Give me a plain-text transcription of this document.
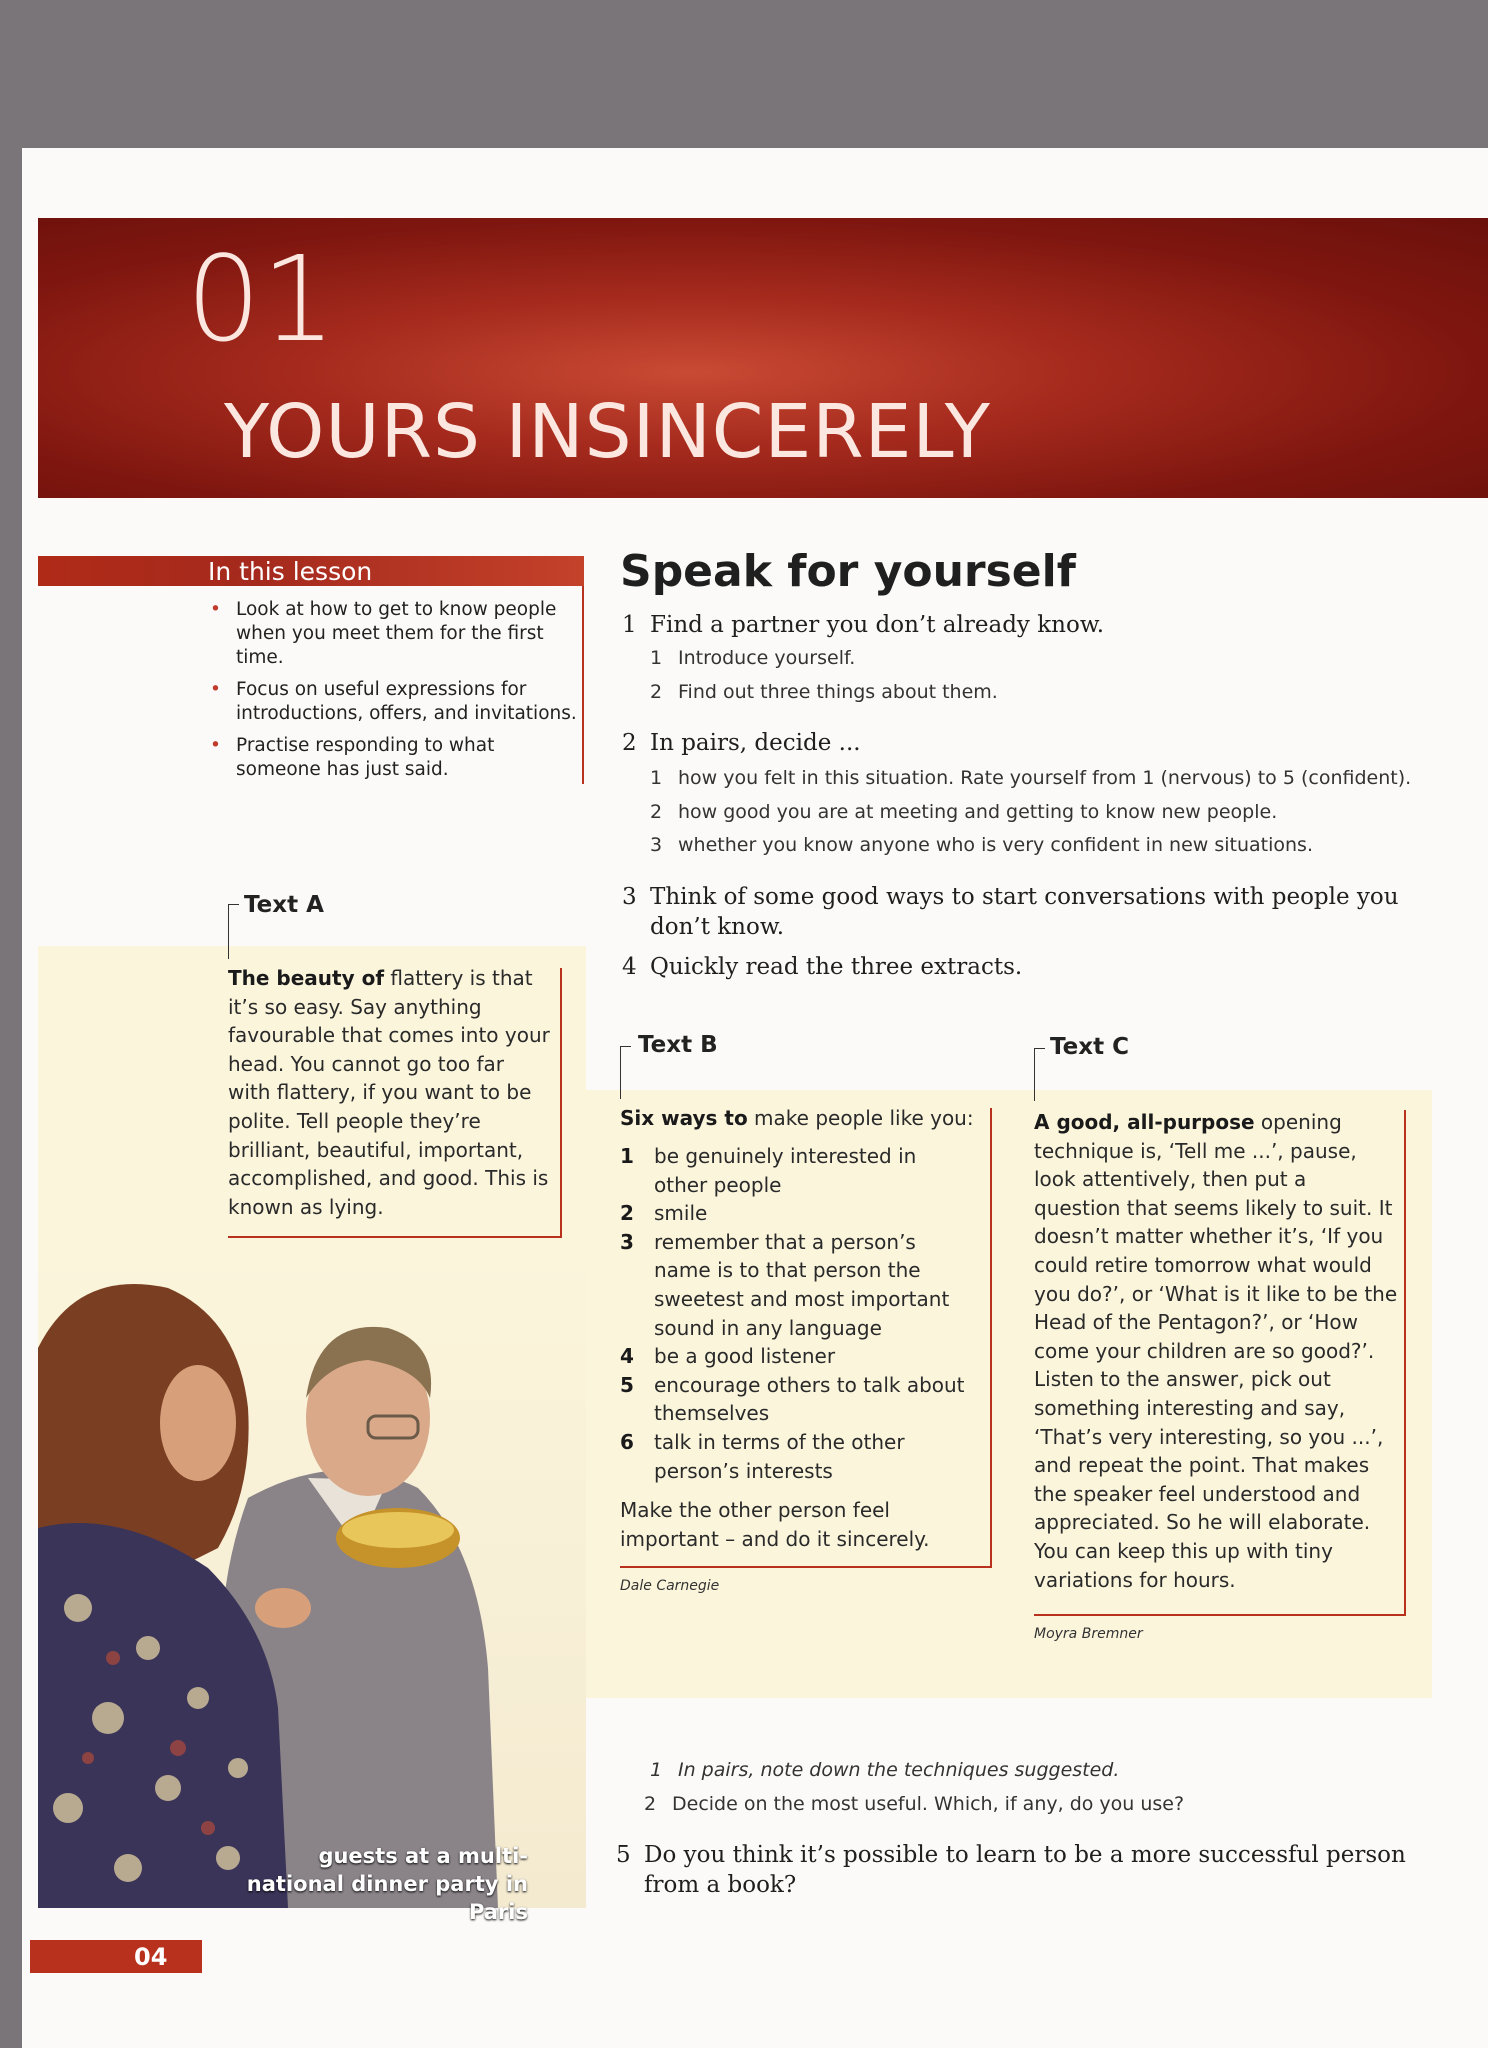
01
YOURS INSINCERELY
In this lesson
• Look at how to get to know people when you meet them for the first time.
• Focus on useful expressions for introductions, offers, and invitations.
• Practise responding to what someone has just said.
Text A
The beauty of flattery is that it’s so easy. Say anything favourable that comes into your head. You cannot go too far with flattery, if you want to be polite. Tell people they’re brilliant, beautiful, important, accomplished, and good. This is known as lying.
Speak for yourself
1 Find a partner you don’t already know.
1 Introduce yourself.
2 Find out three things about them.
2 In pairs, decide ...
1 how you felt in this situation. Rate yourself from 1 (nervous) to 5 (confident).
2 how good you are at meeting and getting to know new people.
3 whether you know anyone who is very confident in new situations.
3 Think of some good ways to start conversations with people you don’t know.
4 Quickly read the three extracts.
Text B
Six ways to make people like you:
1 be genuinely interested in other people
2 smile
3 remember that a person’s name is to that person the sweetest and most important sound in any language
4 be a good listener
5 encourage others to talk about themselves
6 talk in terms of the other person’s interests
Make the other person feel important – and do it sincerely.
Dale Carnegie
Text C
A good, all-purpose opening technique is, ‘Tell me ...’, pause, look attentively, then put a question that seems likely to suit. It doesn’t matter whether it’s, ‘If you could retire tomorrow what would you do?’, or ‘What is it like to be the Head of the Pentagon?’, or ‘How come your children are so good?’. Listen to the answer, pick out something interesting and say, ‘That’s very interesting, so you ...’, and repeat the point. That makes the speaker feel understood and appreciated. So he will elaborate. You can keep this up with tiny variations for hours.
Moyra Bremner
1 In pairs, note down the techniques suggested.
2 Decide on the most useful. Which, if any, do you use?
5 Do you think it’s possible to learn to be a more successful person from a book?
guests at a multi-national dinner party in Paris
04
